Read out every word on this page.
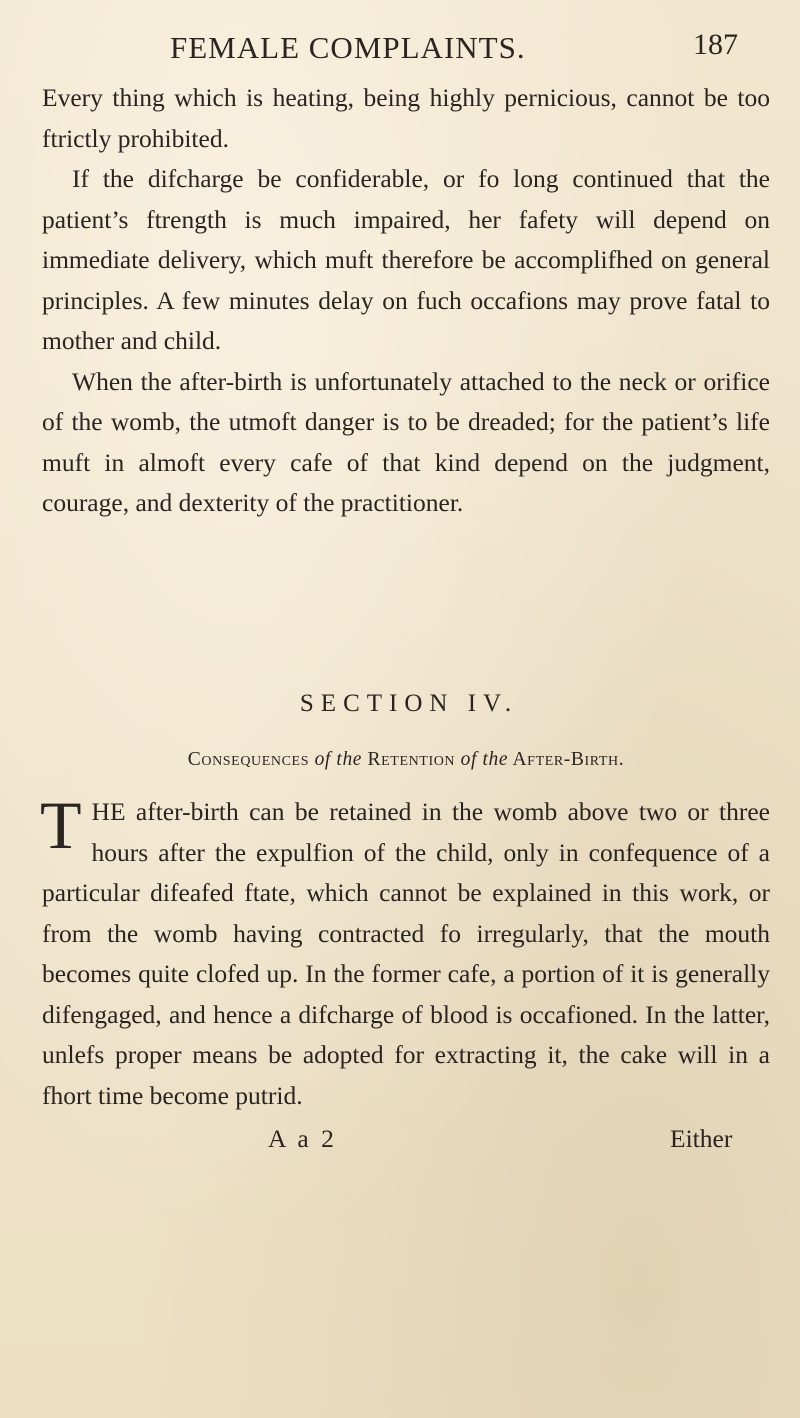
FEMALE COMPLAINTS.	187
Every thing which is heating, being highly pernicious, cannot be too ftrictly prohibited.
If the difcharge be confiderable, or fo long continued that the patient’s ftrength is much impaired, her fafety will depend on immediate delivery, which muft therefore be accomplifhed on general principles. A few minutes delay on fuch occafions may prove fatal to mother and child.
When the after-birth is unfortunately attached to the neck or orifice of the womb, the utmoft danger is to be dreaded; for the patient’s life muft in almoft every cafe of that kind depend on the judgment, courage, and dexterity of the practitioner.
SECTION IV.
Consequences of the Retention of the After-Birth.
T HE after-birth can be retained in the womb above two or three hours after the expulfion of the child, only in confequence of a particular difeafed ftate, which cannot be explained in this work, or from the womb having contracted fo irregularly, that the mouth becomes quite clofed up. In the former cafe, a portion of it is generally difengaged, and hence a difcharge of blood is occafioned. In the latter, unlefs proper means be adopted for extracting it, the cake will in a fhort time become putrid.
A a 2	Either
